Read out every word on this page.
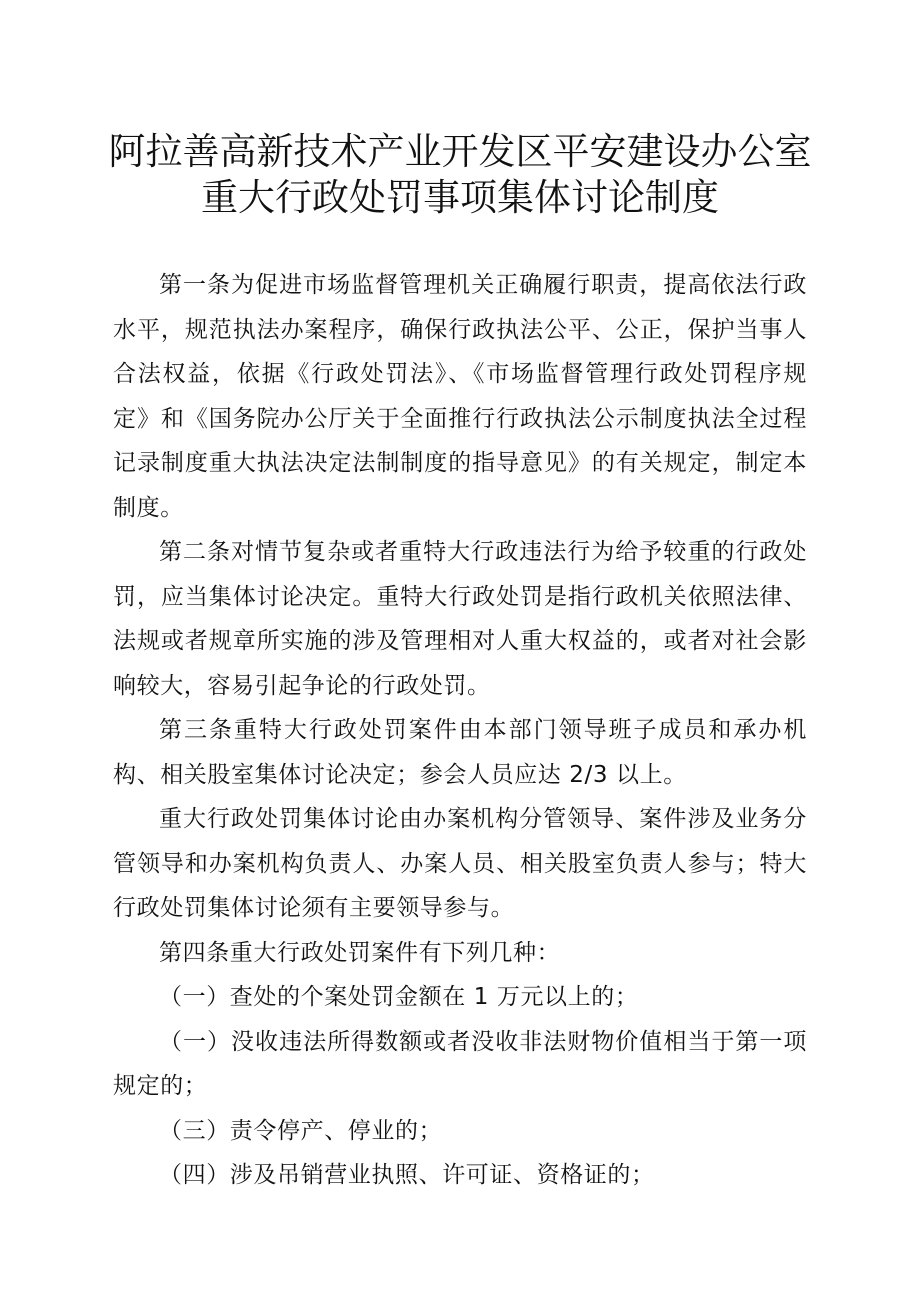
阿拉善高新技术产业开发区平安建设办公室
重大行政处罚事项集体讨论制度

第一条为促进市场监督管理机关正确履行职责，提高依法行政水平，规范执法办案程序，确保行政执法公平、公正，保护当事人合法权益，依据《行政处罚法》、《市场监督管理行政处罚程序规定》和《国务院办公厅关于全面推行行政执法公示制度执法全过程记录制度重大执法决定法制制度的指导意见》的有关规定，制定本制度。

第二条对情节复杂或者重特大行政违法行为给予较重的行政处罚，应当集体讨论决定。重特大行政处罚是指行政机关依照法律、法规或者规章所实施的涉及管理相对人重大权益的，或者对社会影响较大，容易引起争论的行政处罚。

第三条重特大行政处罚案件由本部门领导班子成员和承办机构、相关股室集体讨论决定；参会人员应达 2/3 以上。

重大行政处罚集体讨论由办案机构分管领导、案件涉及业务分管领导和办案机构负责人、办案人员、相关股室负责人参与；特大行政处罚集体讨论须有主要领导参与。

第四条重大行政处罚案件有下列几种：

（一）查处的个案处罚金额在 1 万元以上的；

（一）没收违法所得数额或者没收非法财物价值相当于第一项规定的；

（三）责令停产、停业的；

（四）涉及吊销营业执照、许可证、资格证的；
